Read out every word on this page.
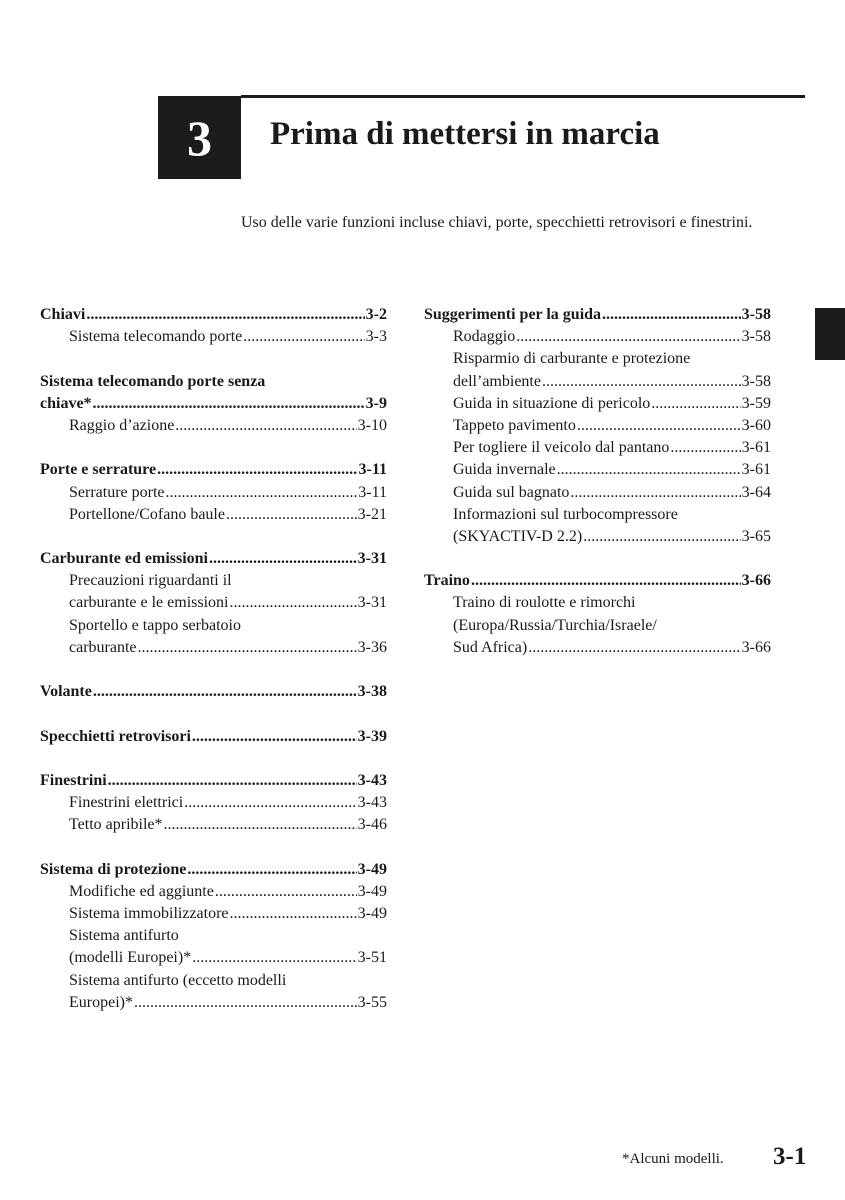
3 Prima di mettersi in marcia
Uso delle varie funzioni incluse chiavi, porte, specchietti retrovisori e finestrini.
Chiavi .....	3-2
Sistema telecomando porte .....	3-3
Sistema telecomando porte senza
chiave* .....	3-9
Raggio d’azione .....	3-10
Porte e serrature .....	3-11
Serrature porte .....	3-11
Portellone/Cofano baule .....	3-21
Carburante ed emissioni .....	3-31
Precauzioni riguardanti il
carburante e le emissioni .....	3-31
Sportello e tappo serbatoio
carburante .....	3-36
Volante .....	3-38
Specchietti retrovisori .....	3-39
Finestrini .....	3-43
Finestrini elettrici .....	3-43
Tetto apribile* .....	3-46
Sistema di protezione .....	3-49
Modifiche ed aggiunte .....	3-49
Sistema immobilizzatore .....	3-49
Sistema antifurto
(modelli Europei)* .....	3-51
Sistema antifurto (eccetto modelli
Europei)* .....	3-55
Suggerimenti per la guida .....	3-58
Rodaggio .....	3-58
Risparmio di carburante e protezione
dell’ambiente .....	3-58
Guida in situazione di pericolo .....	3-59
Tappeto pavimento .....	3-60
Per togliere il veicolo dal pantano .....	3-61
Guida invernale .....	3-61
Guida sul bagnato .....	3-64
Informazioni sul turbocompressore
(SKYACTIV-D 2.2) .....	3-65
Traino .....	3-66
Traino di roulotte e rimorchi
(Europa/Russia/Turchia/Israele/
Sud Africa) .....	3-66
*Alcuni modelli. 3-1
